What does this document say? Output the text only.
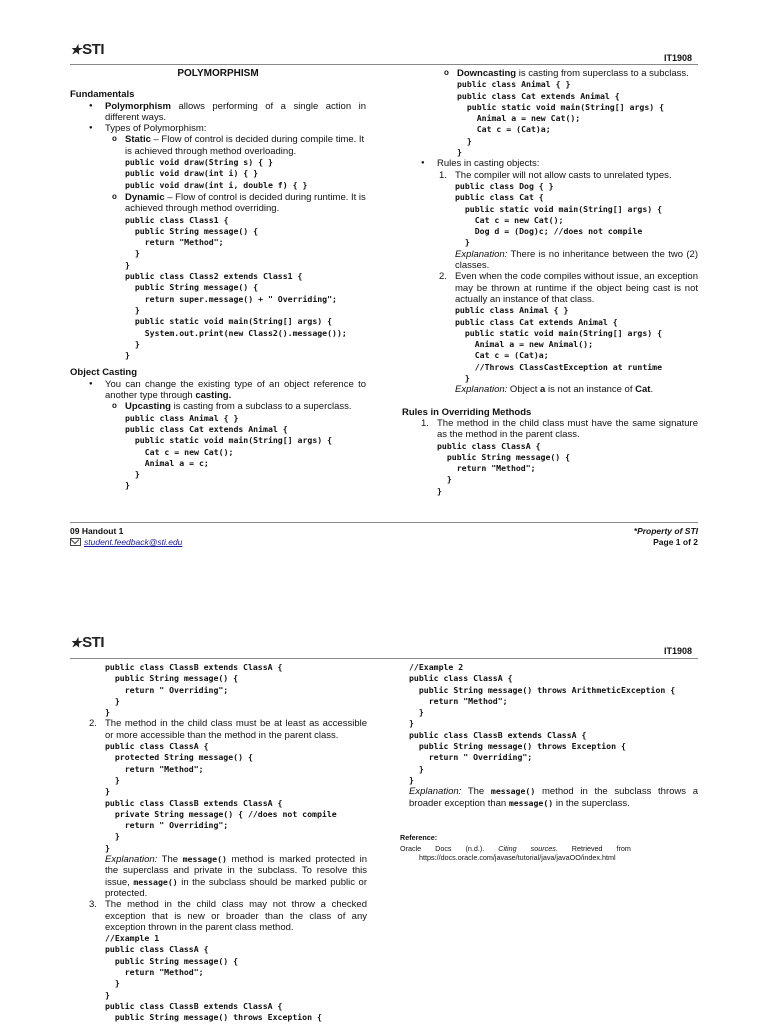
★STI	IT1908
POLYMORPHISM
Fundamentals
● Polymorphism allows performing of a single action in different ways.
● Types of Polymorphism:
o Static – Flow of control is decided during compile time. It is achieved through method overloading.
public void draw(String s) { }
public void draw(int i) { }
public void draw(int i, double f) { }
o Dynamic – Flow of control is decided during runtime. It is achieved through method overriding.
public class Class1 {
public String message() {
return "Method";
}
}
public class Class2 extends Class1 {
public String message() {
return super.message() + " Overriding";
}
public static void main(String[] args) {
System.out.print(new Class2().message());
}
}
Object Casting
● You can change the existing type of an object reference to another type through casting.
o Upcasting is casting from a subclass to a superclass.
public class Animal { }
public class Cat extends Animal {
public static void main(String[] args) {
Cat c = new Cat();
Animal a = c;
}
}
o Downcasting is casting from superclass to a subclass.
public class Animal { }
public class Cat extends Animal {
public static void main(String[] args) {
Animal a = new Cat();
Cat c = (Cat)a;
}
}
● Rules in casting objects:
1. The compiler will not allow casts to unrelated types.
public class Dog { }
public class Cat {
public static void main(String[] args) {
Cat c = new Cat();
Dog d = (Dog)c; //does not compile
}
Explanation: There is no inheritance between the two (2) classes.
2. Even when the code compiles without issue, an exception may be thrown at runtime if the object being cast is not actually an instance of that class.
public class Animal { }
public class Cat extends Animal {
public static void main(String[] args) {
Animal a = new Animal();
Cat c = (Cat)a;
//Throws ClassCastException at runtime
}
Explanation: Object a is not an instance of Cat.
Rules in Overriding Methods
1. The method in the child class must have the same signature as the method in the parent class.
public class ClassA {
public String message() {
return "Method";
}
}
09 Handout 1
student.feedback@sti.edu
*Property of STI
Page 1 of 2
★STI	IT1908
public class ClassB extends ClassA {
public String message() {
return " Overriding";
}
}
2. The method in the child class must be at least as accessible or more accessible than the method in the parent class.
public class ClassA {
protected String message() {
return "Method";
}
}
public class ClassB extends ClassA {
private String message() { //does not compile
return " Overriding";
}
}
Explanation: The message() method is marked protected in the superclass and private in the subclass. To resolve this issue, message() in the subclass should be marked public or protected.
3. The method in the child class may not throw a checked exception that is new or broader than the class of any exception thrown in the parent class method.
//Example 1
public class ClassA {
public String message() {
return "Method";
}
}
public class ClassB extends ClassA {
public String message() throws Exception {
//Example 2
public class ClassA {
public String message() throws ArithmeticException {
return "Method";
}
}
public class ClassB extends ClassA {
public String message() throws Exception {
return " Overriding";
}
}
Explanation: The message() method in the subclass throws a broader exception than message() in the superclass.
Reference:
Oracle       Docs       (n.d.).       Citing       sources.       Retrieved       from
https://docs.oracle.com/javase/tutorial/java/javaOO/index.html
